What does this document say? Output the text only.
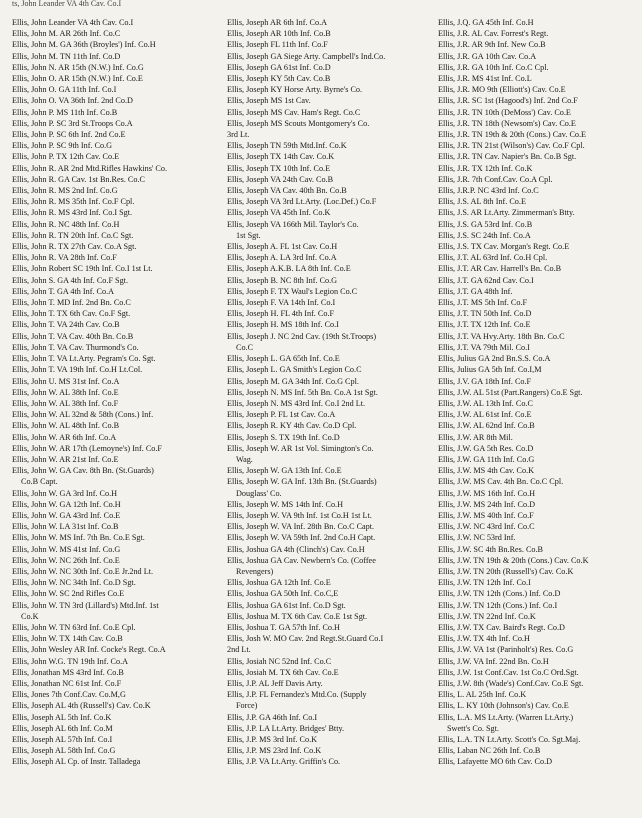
ts, John Leander VA 4th Cav. Co.I
Ellis, John Leander VA 4th Cav. Co.I
Ellis, John M. AR 26th Inf. Co.C
Ellis, John M. GA 36th (Broyles') Inf. Co.H
Ellis, John M. TN 11th Inf. Co.D
Ellis, John N. AR 15th (N.W.) Inf. Co.G
Ellis, John O. AR 15th (N.W.) Inf. Co.E
Ellis, John O. GA 11th Inf. Co.I
Ellis, John O. VA 36th Inf. 2nd Co.D
Ellis, John P. MS 11th Inf. Co.B
Ellis, John P. SC 3rd St.Troops Co.A
Ellis, John P. SC 6th Inf. 2nd Co.E
Ellis, John P. SC 9th Inf. Co.G
Ellis, John P. TX 12th Cav. Co.E
Ellis, John R. AR 2nd Mtd.Rifles Hawkins' Co.
Ellis, John R. GA Cav. 1st Bn.Res. Co.C
Ellis, John R. MS 2nd Inf. Co.G
Ellis, John R. MS 35th Inf. Co.F Cpl.
Ellis, John R. MS 43rd Inf. Co.I Sgt.
Ellis, John R. NC 48th Inf. Co.H
Ellis, John R. TN 20th Inf. Co.C Sgt.
Ellis, John R. TX 27th Cav. Co.A Sgt.
Ellis, John R. VA 28th Inf. Co.F
Ellis, John Robert SC 19th Inf. Co.I 1st Lt.
Ellis, John S. GA 4th Inf. Co.F Sgt.
Ellis, John T. GA 4th Inf. Co.A
Ellis, John T. MD Inf. 2nd Bn. Co.C
Ellis, John T. TX 6th Cav. Co.F Sgt.
Ellis, John T. VA 24th Cav. Co.B
Ellis, John T. VA Cav. 40th Bn. Co.B
Ellis, John T. VA Cav. Thurmond's Co.
Ellis, John T. VA Lt.Arty. Pegram's Co. Sgt.
Ellis, John T. VA 19th Inf. Co.H Lt.Col.
Ellis, John U. MS 31st Inf. Co.A
Ellis, John W. AL 38th Inf. Co.E
Ellis, John W. AL 38th Inf. Co.F
Ellis, John W. AL 32nd & 58th (Cons.) Inf.
Ellis, John W. AL 48th Inf. Co.B
Ellis, John W. AR 6th Inf. Co.A
Ellis, John W. AR 17th (Lemoyne's) Inf. Co.F
Ellis, John W. AR 21st Inf. Co.E
Ellis, John W. GA Cav. 8th Bn. (St.Guards)
Co.B Capt.
Ellis, John W. GA 3rd Inf. Co.H
Ellis, John W. GA 12th Inf. Co.H
Ellis, John W. GA 43rd Inf. Co.E
Ellis, John W. LA 31st Inf. Co.B
Ellis, John W. MS Inf. 7th Bn. Co.E Sgt.
Ellis, John W. MS 41st Inf. Co.G
Ellis, John W. NC 26th Inf. Co.E
Ellis, John W. NC 30th Inf. Co.E Jr.2nd Lt.
Ellis, John W. NC 34th Inf. Co.D Sgt.
Ellis, John W. SC 2nd Rifles Co.E
Ellis, John W. TN 3rd (Lillard's) Mtd.Inf. 1st
Co.K
Ellis, John W. TN 63rd Inf. Co.E Cpl.
Ellis, John W. TX 14th Cav. Co.B
Ellis, John Wesley AR Inf. Cocke's Regt. Co.A
Ellis, John W.G. TN 19th Inf. Co.A
Ellis, Jonathan MS 43rd Inf. Co.B
Ellis, Jonathan NC 61st Inf. Co.F
Ellis, Jones 7th Conf.Cav. Co.M,G
Ellis, Joseph AL 4th (Russell's) Cav. Co.K
Ellis, Joseph AL 5th Inf. Co.K
Ellis, Joseph AL 6th Inf. Co.M
Ellis, Joseph AL 57th Inf. Co.I
Ellis, Joseph AL 58th Inf. Co.G
Ellis, Joseph AL Cp. of Instr. Talladega
Ellis, Joseph AR 6th Inf. Co.A
Ellis, Joseph AR 10th Inf. Co.B
Ellis, Joseph FL 11th Inf. Co.F
Ellis, Joseph GA Siege Arty. Campbell's Ind.Co.
Ellis, Joseph GA 61st Inf. Co.D
Ellis, Joseph KY 5th Cav. Co.B
Ellis, Joseph KY Horse Arty. Byrne's Co.
Ellis, Joseph MS 1st Cav.
Ellis, Joseph MS Cav. Ham's Regt. Co.C
Ellis, Joseph MS Scouts Montgomery's Co.
3rd Lt.
Ellis, Joseph TN 59th Mtd.Inf. Co.K
Ellis, Joseph TX 14th Cav. Co.K
Ellis, Joseph TX 10th Inf. Co.E
Ellis, Joseph VA 24th Cav. Co.B
Ellis, Joseph VA Cav. 40th Bn. Co.B
Ellis, Joseph VA 3rd Lt.Arty. (Loc.Def.) Co.F
Ellis, Joseph VA 45th Inf. Co.K
Ellis, Joseph VA 166th Mil. Taylor's Co.
1st Sgt.
Ellis, Joseph A. FL 1st Cav. Co.H
Ellis, Joseph A. LA 3rd Inf. Co.A
Ellis, Joseph A.K.B. LA 8th Inf. Co.E
Ellis, Joseph B. NC 8th Inf. Co.G
Ellis, Joseph F. TX Waul's Legion Co.C
Ellis, Joseph F. VA 14th Inf. Co.I
Ellis, Joseph H. FL 4th Inf. Co.F
Ellis, Joseph H. MS 18th Inf. Co.I
Ellis, Joseph J. NC 2nd Cav. (19th St.Troops)
Co.C
Ellis, Joseph L. GA 65th Inf. Co.E
Ellis, Joseph L. GA Smith's Legion Co.C
Ellis, Joseph M. GA 34th Inf. Co.G Cpl.
Ellis, Joseph N. MS Inf. 5th Bn. Co.A 1st Sgt.
Ellis, Joseph N. MS 43rd Inf. Co.I 2nd Lt.
Ellis, Joseph P. FL 1st Cav. Co.A
Ellis, Joseph R. KY 4th Cav. Co.D Cpl.
Ellis, Joseph S. TX 19th Inf. Co.D
Ellis, Joseph W. AR 1st Vol. Simington's Co.
Wag.
Ellis, Joseph W. GA 13th Inf. Co.E
Ellis, Joseph W. GA Inf. 13th Bn. (St.Guards)
Douglass' Co.
Ellis, Joseph W. MS 14th Inf. Co.H
Ellis, Joseph W. VA 9th Inf. 1st Co.H 1st Lt.
Ellis, Joseph W. VA Inf. 28th Bn. Co.C Capt.
Ellis, Joseph W. VA 59th Inf. 2nd Co.H Capt.
Ellis, Joshua GA 4th (Clinch's) Cav. Co.H
Ellis, Joshua GA Cav. Newbern's Co. (Coffee
Revengers)
Ellis, Joshua GA 12th Inf. Co.E
Ellis, Joshua GA 50th Inf. Co.C,E
Ellis, Joshua GA 61st Inf. Co.D Sgt.
Ellis, Joshua M. TX 6th Cav. Co.E 1st Sgt.
Ellis, Joshua T. GA 57th Inf. Co.H
Ellis, Josh W. MO Cav. 2nd Regt.St.Guard Co.I
2nd Lt.
Ellis, Josiah NC 52nd Inf. Co.C
Ellis, Josiah M. TX 6th Cav. Co.E
Ellis, J.P. AL Jeff Davis Arty.
Ellis, J.P. FL Fernandez's Mtd.Co. (Supply
Force)
Ellis, J.P. GA 46th Inf. Co.I
Ellis, J.P. LA Lt.Arty. Bridges' Btty.
Ellis, J.P. MS 3rd Inf. Co.K
Ellis, J.P. MS 23rd Inf. Co.K
Ellis, J.P. VA Lt.Arty. Griffin's Co.
Ellis, J.Q. GA 45th Inf. Co.H
Ellis, J.R. AL Cav. Forrest's Regt.
Ellis, J.R. AR 9th Inf. New Co.B
Ellis, J.R. GA 10th Cav. Co.A
Ellis, J.R. GA 10th Inf. Co.C Cpl.
Ellis, J.R. MS 41st Inf. Co.L
Ellis, J.R. MO 9th (Elliott's) Cav. Co.E
Ellis, J.R. SC 1st (Hagood's) Inf. 2nd Co.F
Ellis, J.R. TN 10th (DeMoss') Cav. Co.E
Ellis, J.R. TN 18th (Newsom's) Cav. Co.E
Ellis, J.R. TN 19th & 20th (Cons.) Cav. Co.E
Ellis, J.R. TN 21st (Wilson's) Cav. Co.F Cpl.
Ellis, J.R. TN Cav. Napier's Bn. Co.B Sgt.
Ellis, J.R. TX 12th Inf. Co.K
Ellis, J.R. 7th Conf.Cav. Co.A Cpl.
Ellis, J.R.P. NC 43rd Inf. Co.C
Ellis, J.S. AL 8th Inf. Co.E
Ellis, J.S. AR Lt.Arty. Zimmerman's Btty.
Ellis, J.S. GA 53rd Inf. Co.B
Ellis, J.S. SC 24th Inf. Co.A
Ellis, J.S. TX Cav. Morgan's Regt. Co.E
Ellis, J.T. AL 63rd Inf. Co.H Cpl.
Ellis, J.T. AR Cav. Harrell's Bn. Co.B
Ellis, J.T. GA 62nd Cav. Co.I
Ellis, J.T. GA 48th Inf.
Ellis, J.T. MS 5th Inf. Co.F
Ellis, J.T. TN 50th Inf. Co.D
Ellis, J.T. TX 12th Inf. Co.E
Ellis, J.T. VA Hvy.Arty. 18th Bn. Co.C
Ellis, J.T. VA 79th Mil. Co.I
Ellis, Julius GA 2nd Bn.S.S. Co.A
Ellis, Julius GA 5th Inf. Co.I,M
Ellis, J.V. GA 18th Inf. Co.F
Ellis, J.W. AL 51st (Part.Rangers) Co.E Sgt.
Ellis, J.W. AL 13th Inf. Co.C
Ellis, J.W. AL 61st Inf. Co.E
Ellis, J.W. AL 62nd Inf. Co.B
Ellis, J.W. AR 8th Mil.
Ellis, J.W. GA 5th Res. Co.D
Ellis, J.W. GA 11th Inf. Co.G
Ellis, J.W. MS 4th Cav. Co.K
Ellis, J.W. MS Cav. 4th Bn. Co.C Cpl.
Ellis, J.W. MS 16th Inf. Co.H
Ellis, J.W. MS 24th Inf. Co.D
Ellis, J.W. MS 40th Inf. Co.F
Ellis, J.W. NC 43rd Inf. Co.C
Ellis, J.W. NC 53rd Inf.
Ellis, J.W. SC 4th Bn.Res. Co.B
Ellis, J.W. TN 19th & 20th (Cons.) Cav. Co.K
Ellis, J.W. TN 20th (Russell's) Cav. Co.K
Ellis, J.W. TN 12th Inf. Co.I
Ellis, J.W. TN 12th (Cons.) Inf. Co.D
Ellis, J.W. TN 12th (Cons.) Inf. Co.I
Ellis, J.W. TN 22nd Inf. Co.K
Ellis, J.W. TX Cav. Baird's Regt. Co.D
Ellis, J.W. TX 4th Inf. Co.H
Ellis, J.W. VA 1st (Parinholt's) Res. Co.G
Ellis, J.W. VA Inf. 22nd Bn. Co.H
Ellis, J.W. 1st Conf.Cav. 1st Co.C Ord.Sgt.
Ellis, J.W. 8th (Wade's) Conf.Cav. Co.E Sgt.
Ellis, L. AL 25th Inf. Co.K
Ellis, L. KY 10th (Johnson's) Cav. Co.E
Ellis, L.A. MS Lt.Arty. (Warren Lt.Arty.)
Swett's Co. Sgt.
Ellis, L.A. TN Lt.Arty. Scott's Co. Sgt.Maj.
Ellis, Laban NC 26th Inf. Co.B
Ellis, Lafayette MO 6th Cav. Co.D
